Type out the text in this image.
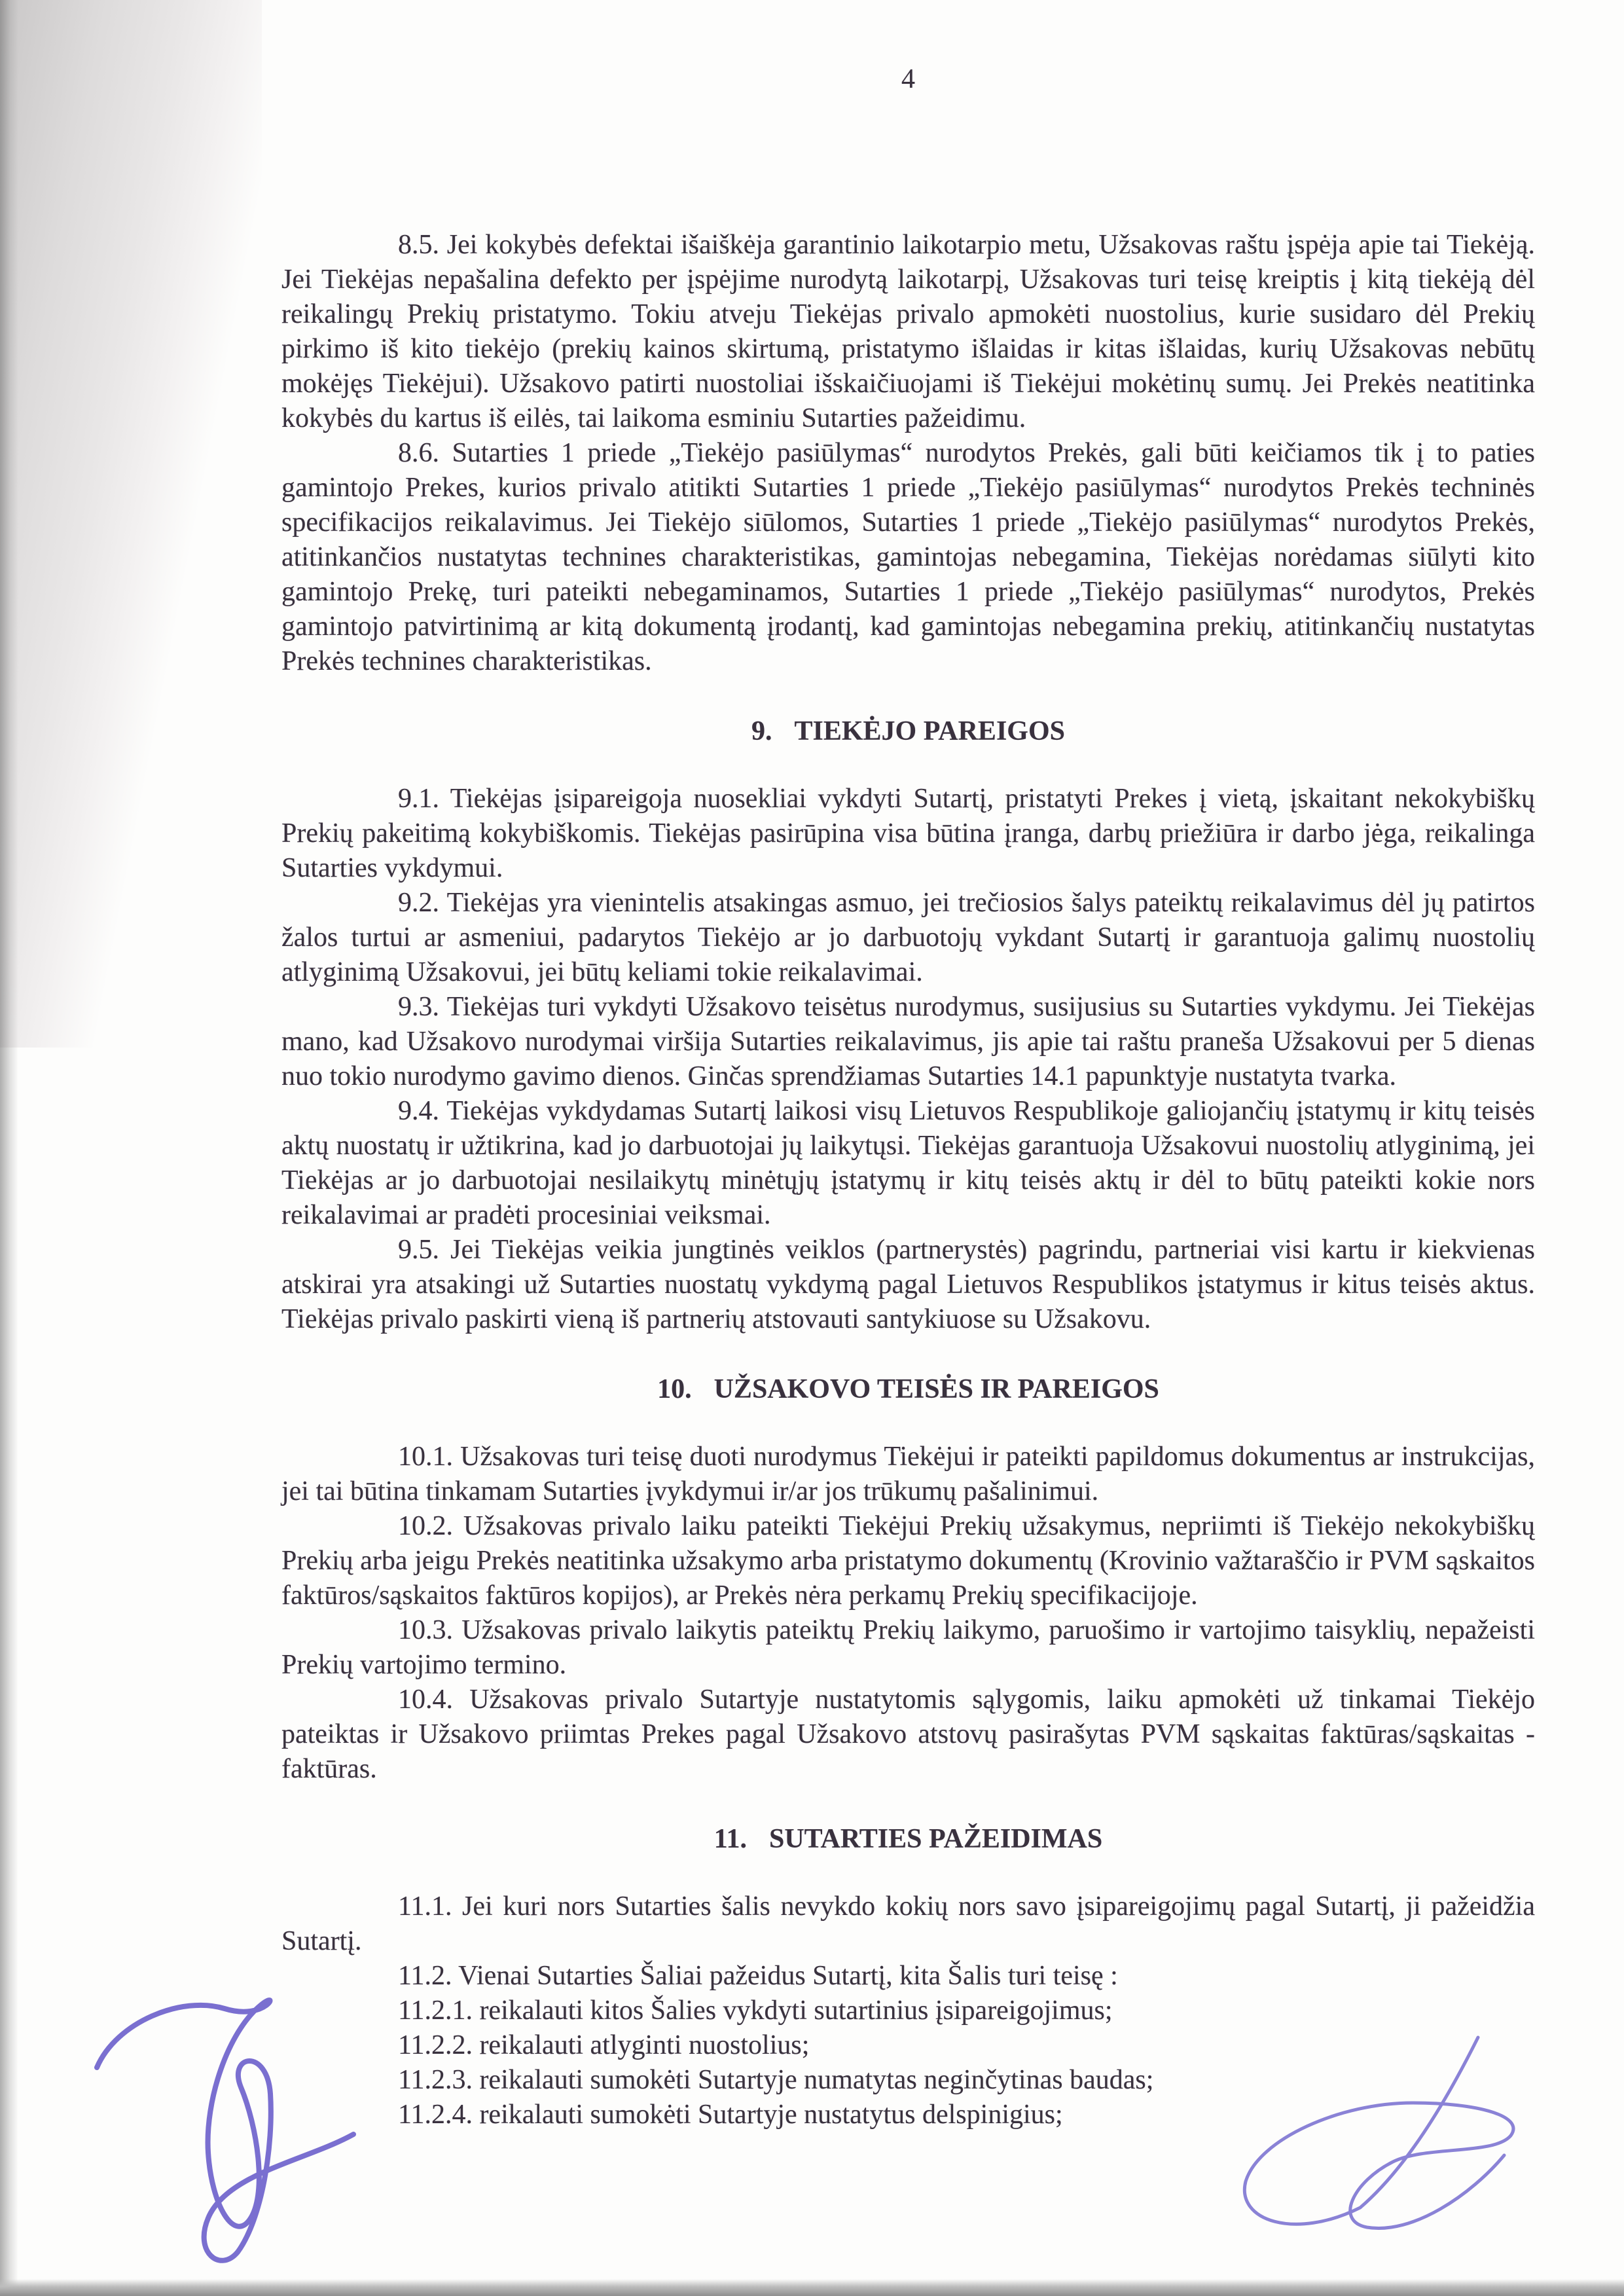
4

8.5. Jei kokybės defektai išaiškėja garantinio laikotarpio metu, Užsakovas raštu įspėja apie tai Tiekėją. Jei Tiekėjas nepašalina defekto per įspėjime nurodytą laikotarpį, Užsakovas turi teisę kreiptis į kitą tiekėją dėl reikalingų Prekių pristatymo. Tokiu atveju Tiekėjas privalo apmokėti nuostolius, kurie susidaro dėl Prekių pirkimo iš kito tiekėjo (prekių kainos skirtumą, pristatymo išlaidas ir kitas išlaidas, kurių Užsakovas nebūtų mokėjęs Tiekėjui). Užsakovo patirti nuostoliai išskaičiuojami iš Tiekėjui mokėtinų sumų. Jei Prekės neatitinka kokybės du kartus iš eilės, tai laikoma esminiu Sutarties pažeidimu.

8.6. Sutarties 1 priede „Tiekėjo pasiūlymas“ nurodytos Prekės, gali būti keičiamos tik į to paties gamintojo Prekes, kurios privalo atitikti Sutarties 1 priede „Tiekėjo pasiūlymas“ nurodytos Prekės techninės specifikacijos reikalavimus. Jei Tiekėjo siūlomos, Sutarties 1 priede „Tiekėjo pasiūlymas“ nurodytos Prekės, atitinkančios nustatytas technines charakteristikas, gamintojas nebegamina, Tiekėjas norėdamas siūlyti kito gamintojo Prekę, turi pateikti nebegaminamos, Sutarties 1 priede „Tiekėjo pasiūlymas“ nurodytos, Prekės gamintojo patvirtinimą ar kitą dokumentą įrodantį, kad gamintojas nebegamina prekių, atitinkančių nustatytas Prekės technines charakteristikas.

9. TIEKĖJO PAREIGOS

9.1. Tiekėjas įsipareigoja nuosekliai vykdyti Sutartį, pristatyti Prekes į vietą, įskaitant nekokybiškų Prekių pakeitimą kokybiškomis. Tiekėjas pasirūpina visa būtina įranga, darbų priežiūra ir darbo jėga, reikalinga Sutarties vykdymui.

9.2. Tiekėjas yra vienintelis atsakingas asmuo, jei trečiosios šalys pateiktų reikalavimus dėl jų patirtos žalos turtui ar asmeniui, padarytos Tiekėjo ar jo darbuotojų vykdant Sutartį ir garantuoja galimų nuostolių atlyginimą Užsakovui, jei būtų keliami tokie reikalavimai.

9.3. Tiekėjas turi vykdyti Užsakovo teisėtus nurodymus, susijusius su Sutarties vykdymu. Jei Tiekėjas mano, kad Užsakovo nurodymai viršija Sutarties reikalavimus, jis apie tai raštu praneša Užsakovui per 5 dienas nuo tokio nurodymo gavimo dienos. Ginčas sprendžiamas Sutarties 14.1 papunktyje nustatyta tvarka.

9.4. Tiekėjas vykdydamas Sutartį laikosi visų Lietuvos Respublikoje galiojančių įstatymų ir kitų teisės aktų nuostatų ir užtikrina, kad jo darbuotojai jų laikytųsi. Tiekėjas garantuoja Užsakovui nuostolių atlyginimą, jei Tiekėjas ar jo darbuotojai nesilaikytų minėtųjų įstatymų ir kitų teisės aktų ir dėl to būtų pateikti kokie nors reikalavimai ar pradėti procesiniai veiksmai.

9.5. Jei Tiekėjas veikia jungtinės veiklos (partnerystės) pagrindu, partneriai visi kartu ir kiekvienas atskirai yra atsakingi už Sutarties nuostatų vykdymą pagal Lietuvos Respublikos įstatymus ir kitus teisės aktus. Tiekėjas privalo paskirti vieną iš partnerių atstovauti santykiuose su Užsakovu.

10. UŽSAKOVO TEISĖS IR PAREIGOS

10.1. Užsakovas turi teisę duoti nurodymus Tiekėjui ir pateikti papildomus dokumentus ar instrukcijas, jei tai būtina tinkamam Sutarties įvykdymui ir/ar jos trūkumų pašalinimui.

10.2. Užsakovas privalo laiku pateikti Tiekėjui Prekių užsakymus, nepriimti iš Tiekėjo nekokybiškų Prekių arba jeigu Prekės neatitinka užsakymo arba pristatymo dokumentų (Krovinio važtaraščio ir PVM sąskaitos faktūros/sąskaitos faktūros kopijos), ar Prekės nėra perkamų Prekių specifikacijoje.

10.3. Užsakovas privalo laikytis pateiktų Prekių laikymo, paruošimo ir vartojimo taisyklių, nepažeisti Prekių vartojimo termino.

10.4. Užsakovas privalo Sutartyje nustatytomis sąlygomis, laiku apmokėti už tinkamai Tiekėjo pateiktas ir Užsakovo priimtas Prekes pagal Užsakovo atstovų pasirašytas PVM sąskaitas faktūras/sąskaitas - faktūras.

11. SUTARTIES PAŽEIDIMAS

11.1. Jei kuri nors Sutarties šalis nevykdo kokių nors savo įsipareigojimų pagal Sutartį, ji pažeidžia Sutartį.

11.2. Vienai Sutarties Šaliai pažeidus Sutartį, kita Šalis turi teisę :

11.2.1. reikalauti kitos Šalies vykdyti sutartinius įsipareigojimus;

11.2.2. reikalauti atlyginti nuostolius;

11.2.3. reikalauti sumokėti Sutartyje numatytas neginčytinas baudas;

11.2.4. reikalauti sumokėti Sutartyje nustatytus delspinigius;
